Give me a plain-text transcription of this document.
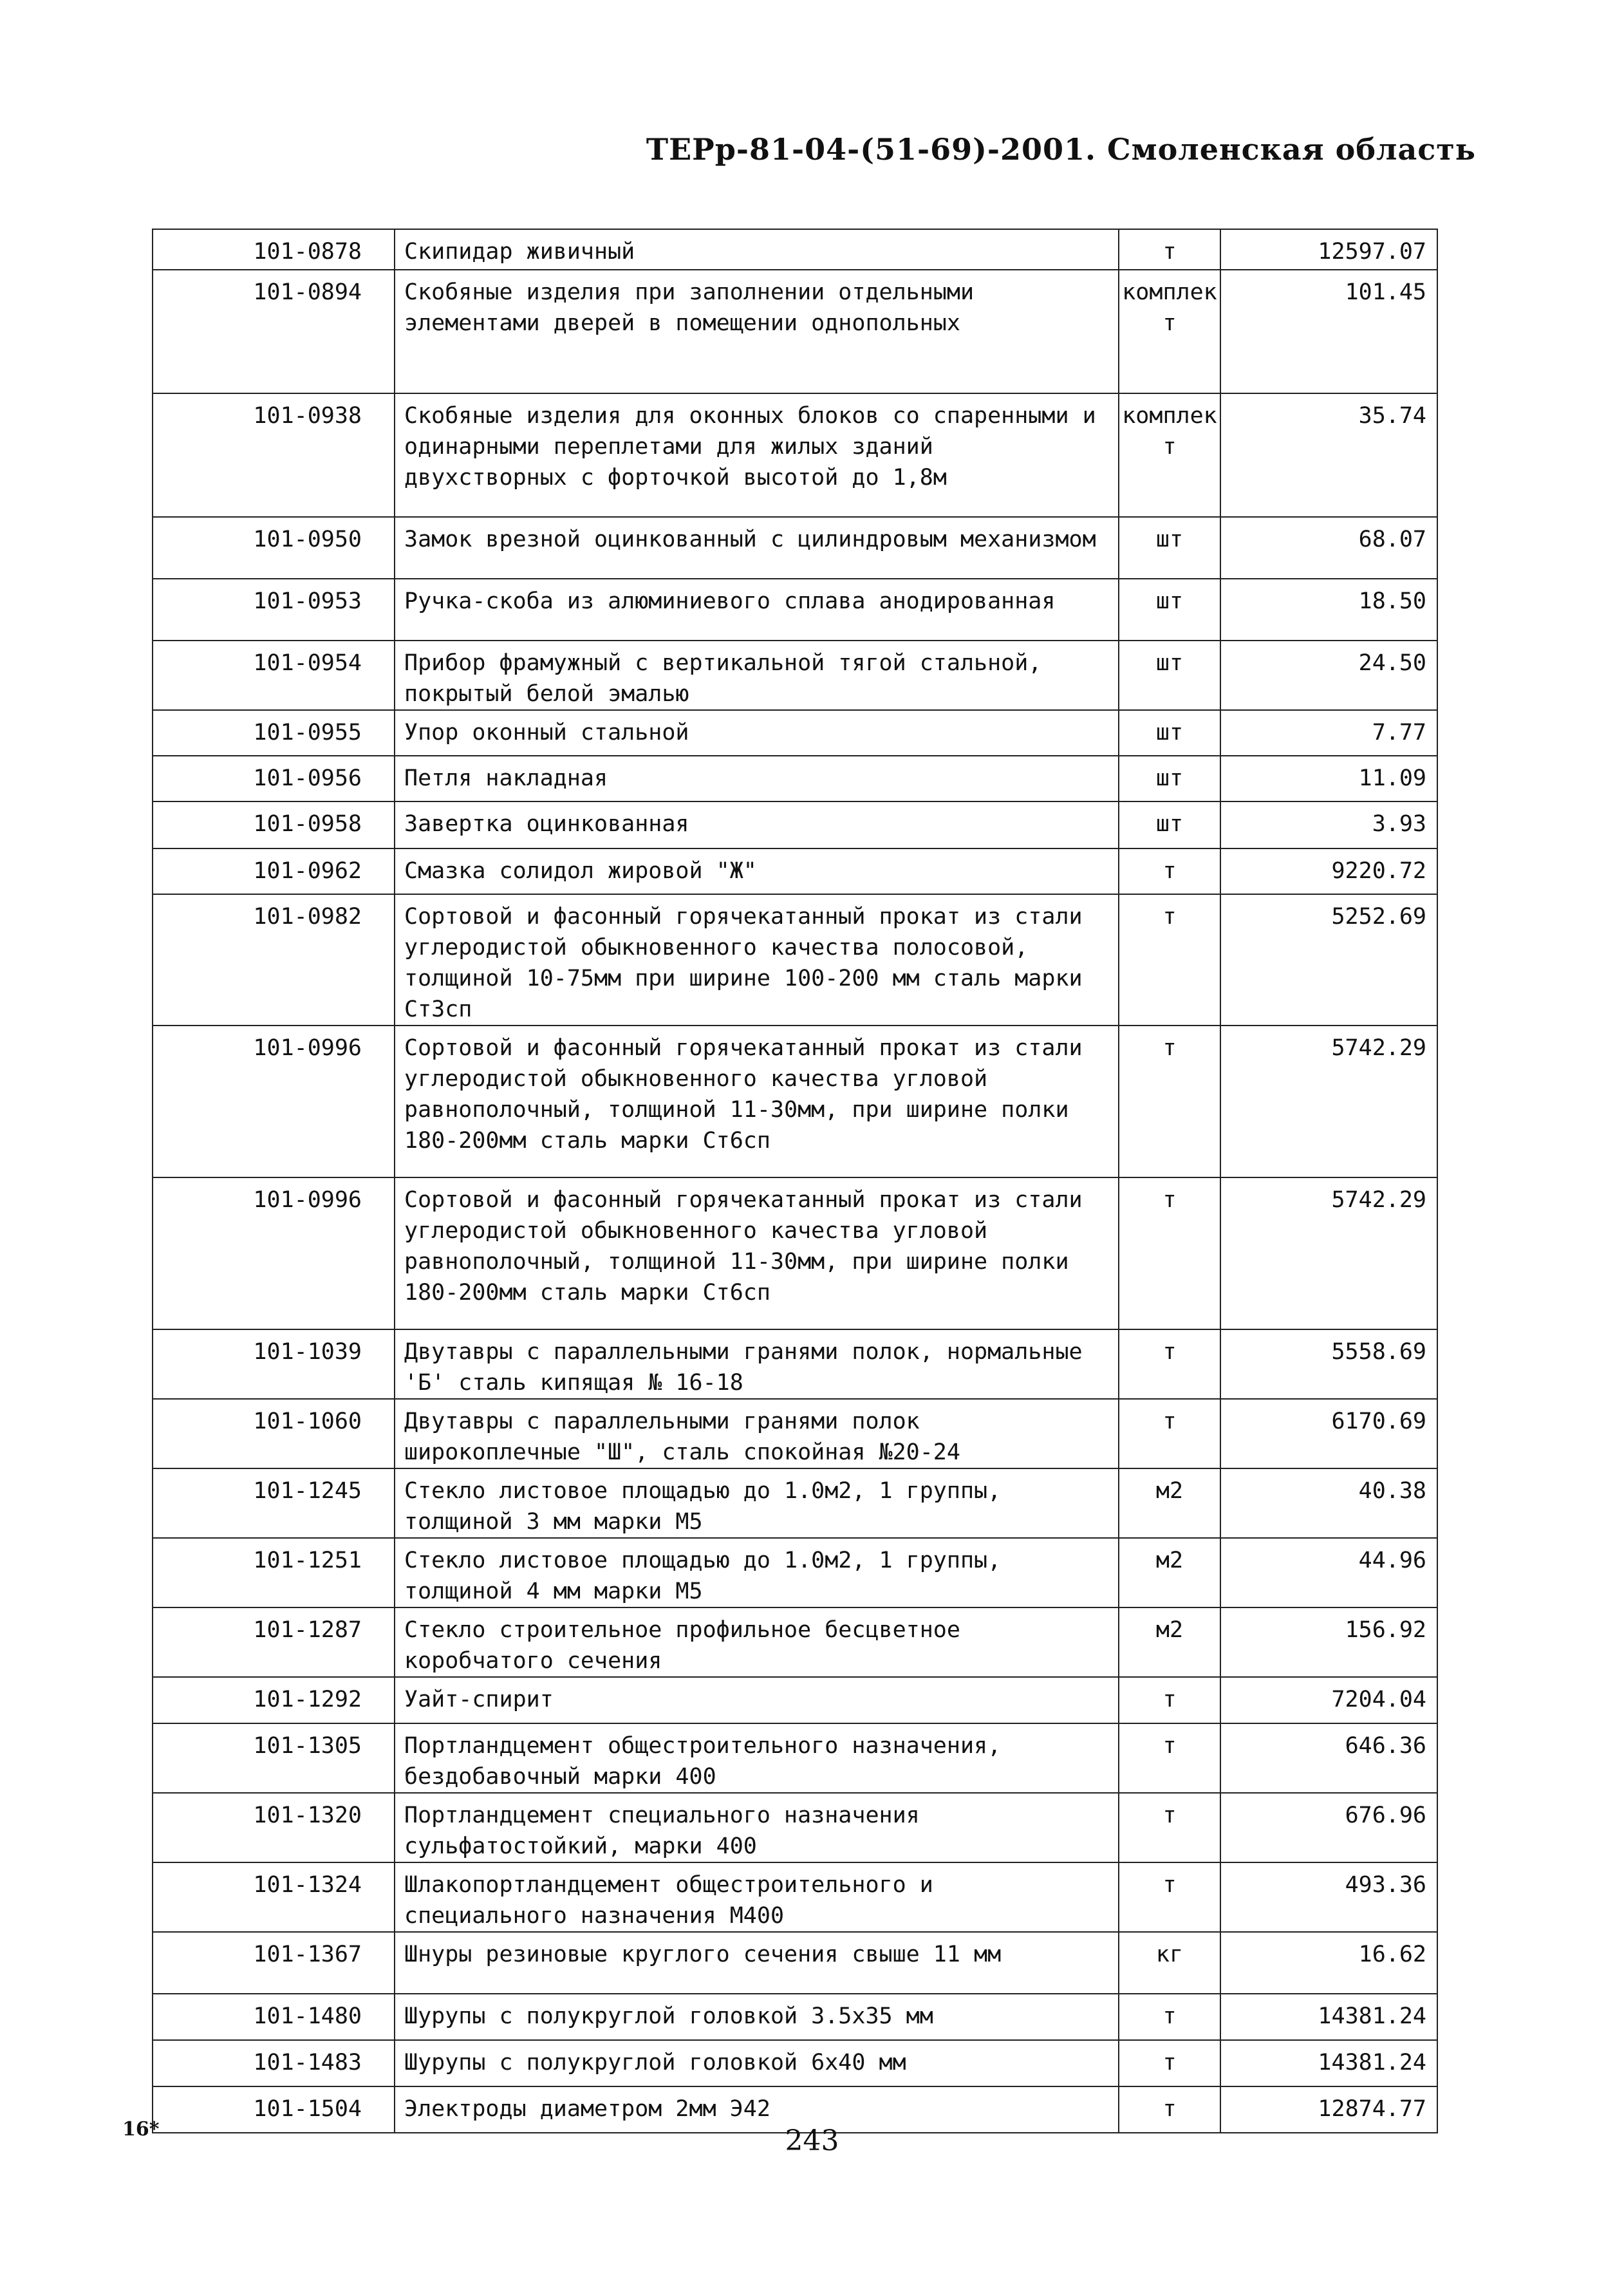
ТЕРр-81-04-(51-69)-2001. Смоленская область
101-0878	Скипидар живичный	т	12597.07
101-0894	Скобяные изделия при заполнении отдельными элементами дверей в помещении однопольных	комплек т	101.45
101-0938	Скобяные изделия для оконных блоков со спаренными и одинарными переплетами для жилых зданий двухстворных с форточкой высотой до 1,8м	комплек т	35.74
101-0950	Замок врезной оцинкованный с цилиндровым механизмом	шт	68.07
101-0953	Ручка-скоба из алюминиевого сплава анодированная	шт	18.50
101-0954	Прибор фрамужный с вертикальной тягой стальной, покрытый белой эмалью	шт	24.50
101-0955	Упор оконный стальной	шт	7.77
101-0956	Петля накладная	шт	11.09
101-0958	Завертка оцинкованная	шт	3.93
101-0962	Смазка солидол жировой "Ж"	т	9220.72
101-0982	Сортовой и фасонный горячекатанный прокат из стали углеродистой обыкновенного качества полосовой, толщиной 10-75мм при ширине 100-200 мм сталь марки Ст3сп	т	5252.69
101-0996	Сортовой и фасонный горячекатанный прокат из стали углеродистой обыкновенного качества угловой равнополочный, толщиной 11-30мм, при ширине полки 180-200мм сталь марки Ст6сп	т	5742.29
101-0996	Сортовой и фасонный горячекатанный прокат из стали углеродистой обыкновенного качества угловой равнополочный, толщиной 11-30мм, при ширине полки 180-200мм сталь марки Ст6сп	т	5742.29
101-1039	Двутавры с параллельными гранями полок, нормальные 'Б' сталь кипящая № 16-18	т	5558.69
101-1060	Двутавры с параллельными гранями полок широкоплечные "Ш", сталь спокойная №20-24	т	6170.69
101-1245	Стекло листовое площадью до 1.0м2, 1 группы, толщиной 3 мм марки М5	м2	40.38
101-1251	Стекло листовое площадью до 1.0м2, 1 группы, толщиной 4 мм марки М5	м2	44.96
101-1287	Стекло строительное профильное бесцветное коробчатого сечения	м2	156.92
101-1292	Уайт-спирит	т	7204.04
101-1305	Портландцемент общестроительного назначения, бездобавочный марки 400	т	646.36
101-1320	Портландцемент специального назначения сульфатостойкий, марки 400	т	676.96
101-1324	Шлакопортландцемент общестроительного и специального назначения М400	т	493.36
101-1367	Шнуры резиновые круглого сечения свыше 11 мм	кг	16.62
101-1480	Шурупы с полукруглой головкой 3.5х35 мм	т	14381.24
101-1483	Шурупы с полукруглой головкой 6х40 мм	т	14381.24
101-1504	Электроды диаметром 2мм Э42	т	12874.77
16*	243
